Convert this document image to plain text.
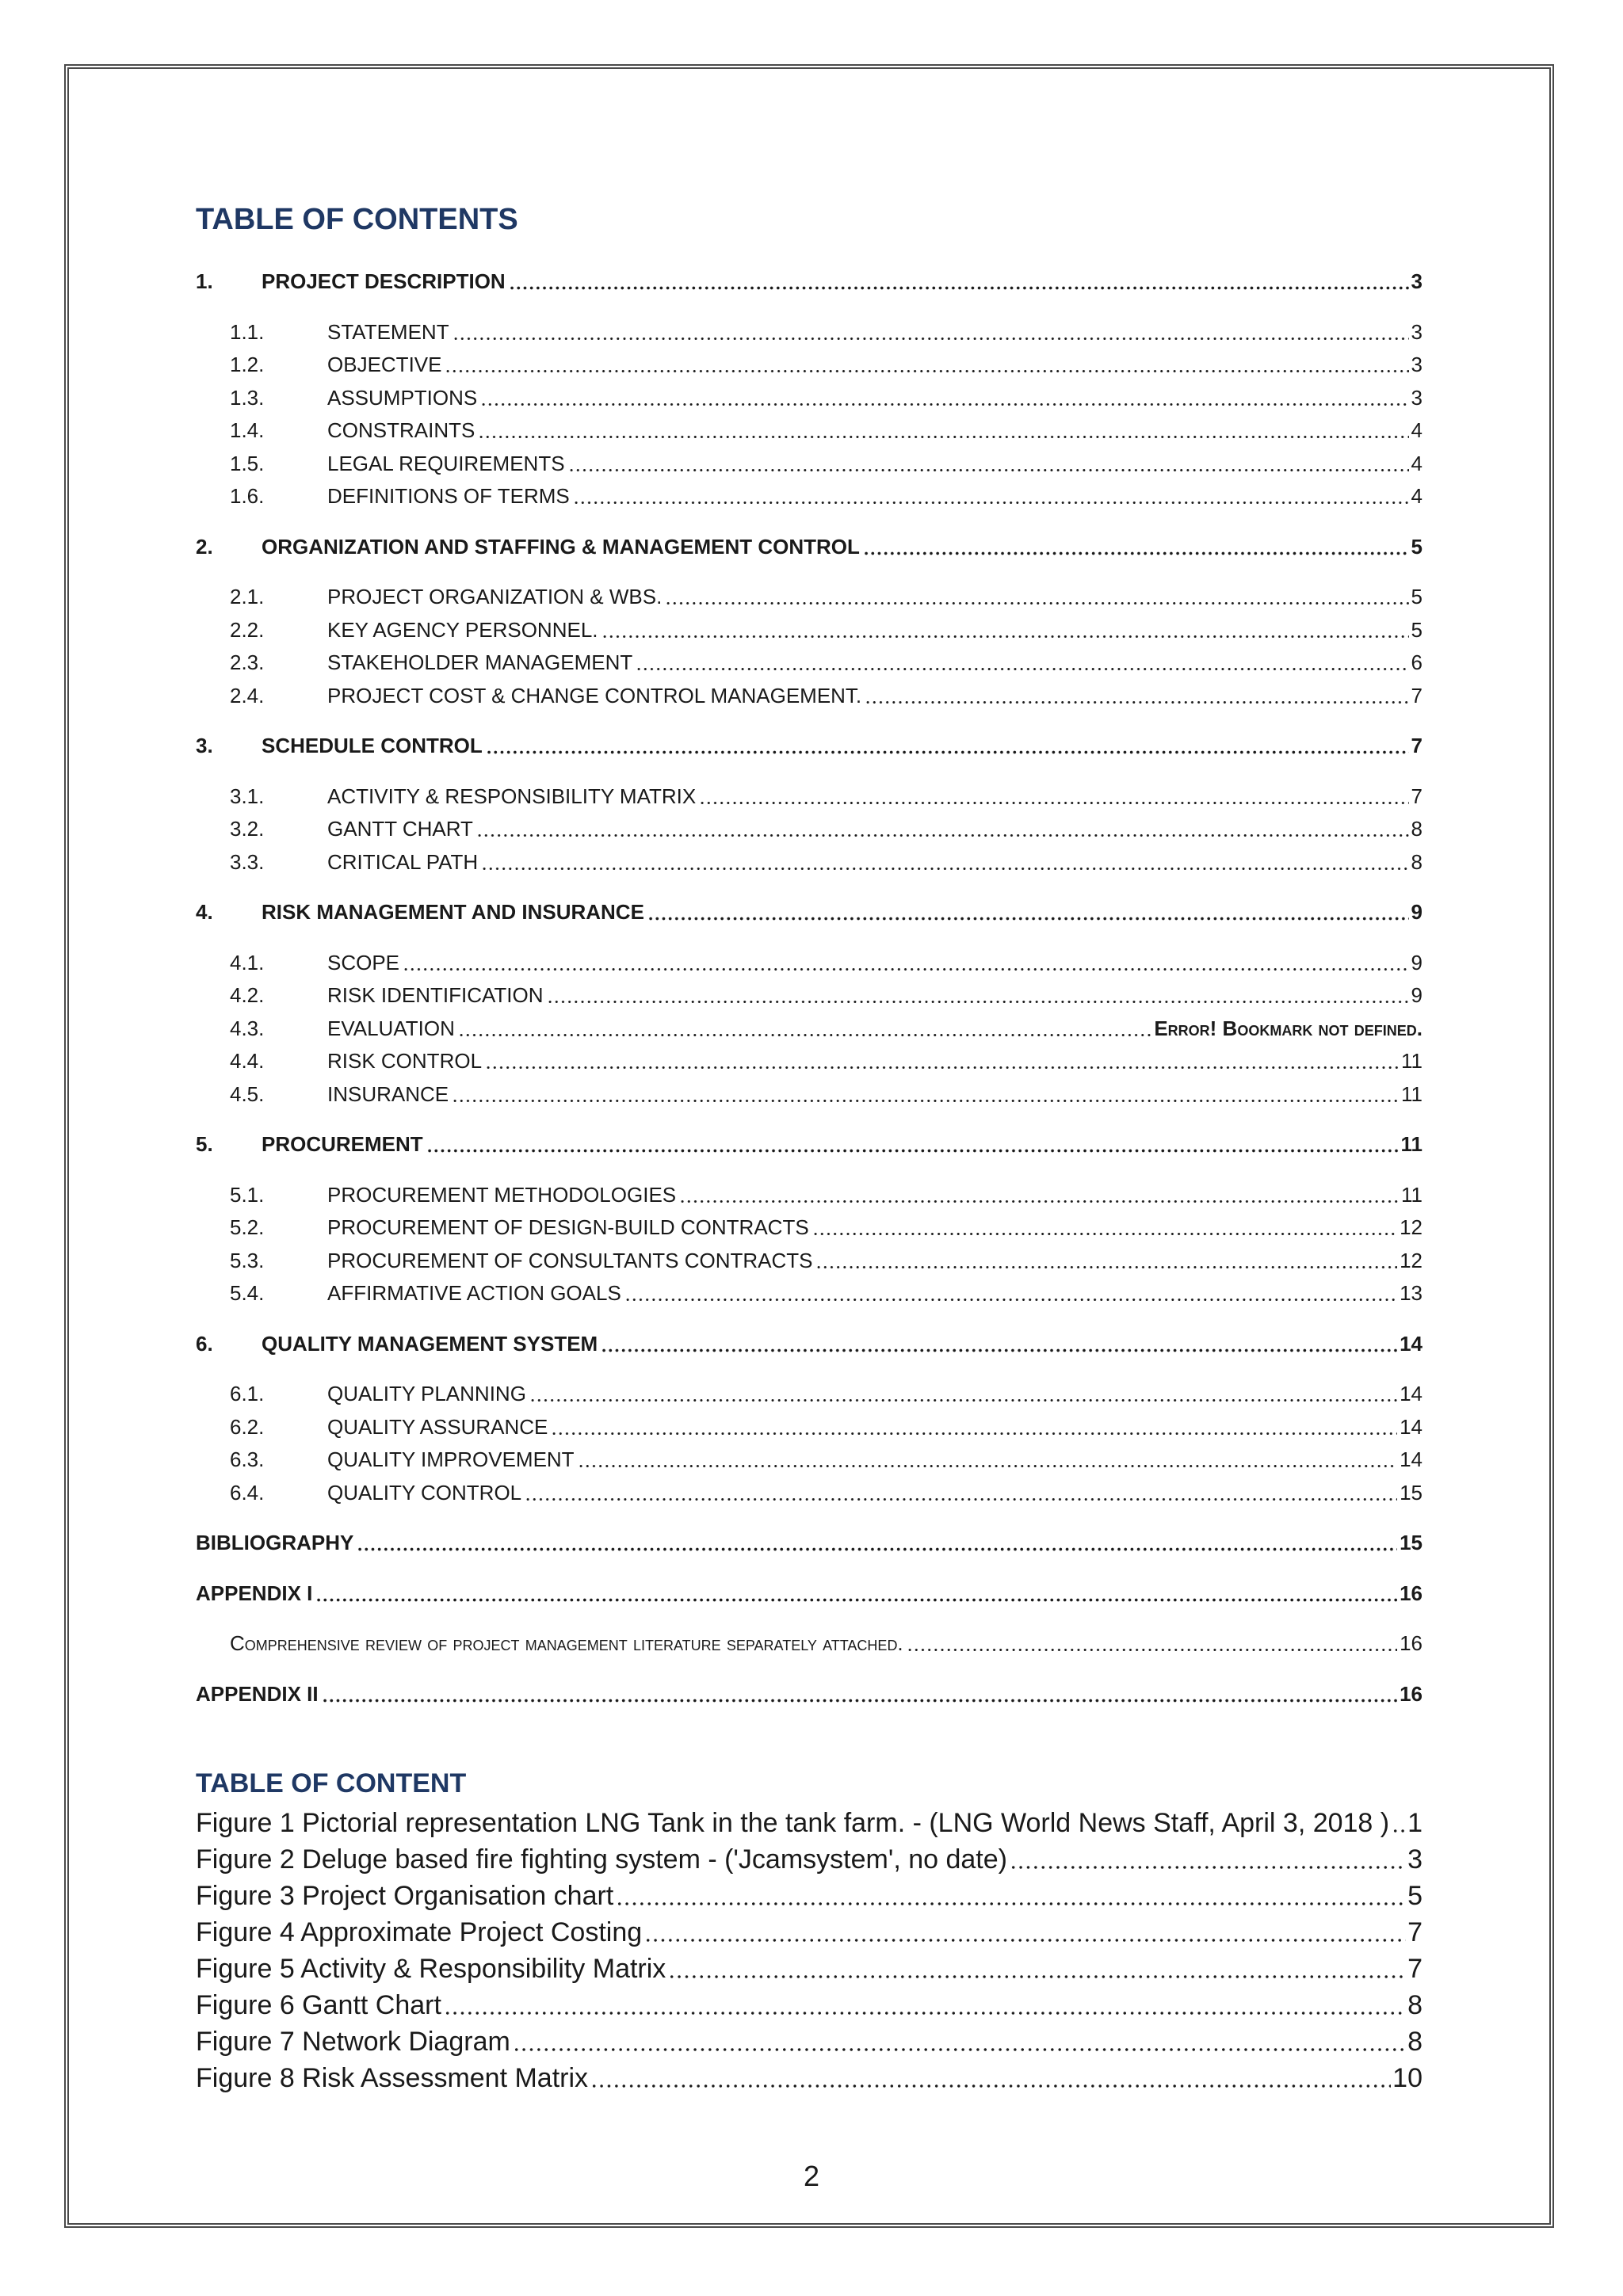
TABLE OF CONTENTS
1.	PROJECT DESCRIPTION	3
1.1.	STATEMENT	3
1.2.	OBJECTIVE	3
1.3.	ASSUMPTIONS	3
1.4.	CONSTRAINTS	4
1.5.	LEGAL REQUIREMENTS	4
1.6.	DEFINITIONS OF TERMS	4
2.	ORGANIZATION AND STAFFING & MANAGEMENT CONTROL	5
2.1.	PROJECT ORGANIZATION & WBS.	5
2.2.	KEY AGENCY PERSONNEL.	5
2.3.	STAKEHOLDER MANAGEMENT	6
2.4.	PROJECT COST & CHANGE CONTROL MANAGEMENT.	7
3.	SCHEDULE CONTROL	7
3.1.	ACTIVITY & RESPONSIBILITY MATRIX	7
3.2.	GANTT CHART	8
3.3.	CRITICAL PATH	8
4.	RISK MANAGEMENT AND INSURANCE	9
4.1.	SCOPE	9
4.2.	RISK IDENTIFICATION	9
4.3.	EVALUATION	Error! Bookmark not defined.
4.4.	RISK CONTROL	11
4.5.	INSURANCE	11
5.	PROCUREMENT	11
5.1.	PROCUREMENT METHODOLOGIES	11
5.2.	PROCUREMENT OF DESIGN-BUILD CONTRACTS	12
5.3.	PROCUREMENT OF CONSULTANTS CONTRACTS	12
5.4.	AFFIRMATIVE ACTION GOALS	13
6.	QUALITY MANAGEMENT SYSTEM	14
6.1.	QUALITY PLANNING	14
6.2.	QUALITY ASSURANCE	14
6.3.	QUALITY IMPROVEMENT	14
6.4.	QUALITY CONTROL	15
BIBLIOGRAPHY	15
APPENDIX I	16
Comprehensive review of project management literature separately attached.	16
APPENDIX II	16
TABLE OF CONTENT
Figure 1 Pictorial representation LNG Tank in the tank farm. - (LNG World News Staff, April 3, 2018 ) 1
Figure 2 Deluge based fire fighting system - ('Jcamsystem', no date)	3
Figure 3 Project Organisation chart	5
Figure 4 Approximate Project Costing	7
Figure 5 Activity & Responsibility Matrix	7
Figure 6 Gantt Chart	8
Figure 7 Network Diagram	8
Figure 8 Risk Assessment Matrix	10
2
